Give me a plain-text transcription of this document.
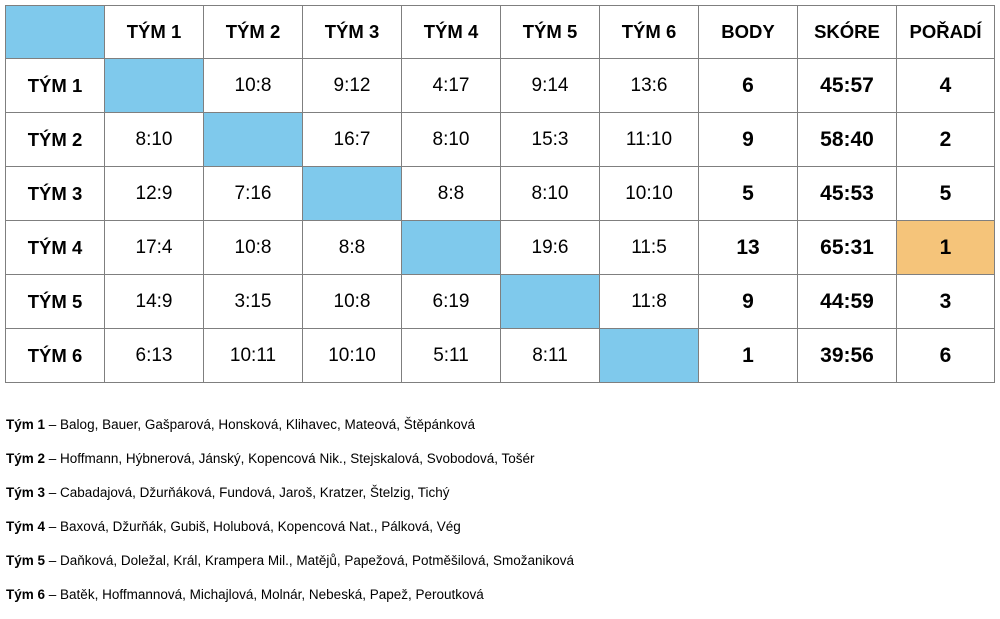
	TÝM 1	TÝM 2	TÝM 3	TÝM 4	TÝM 5	TÝM 6	BODY	SKÓRE	POŘADÍ
TÝM 1		10:8	9:12	4:17	9:14	13:6	6	45:57	4
TÝM 2	8:10		16:7	8:10	15:3	11:10	9	58:40	2
TÝM 3	12:9	7:16		8:8	8:10	10:10	5	45:53	5
TÝM 4	17:4	10:8	8:8		19:6	11:5	13	65:31	1
TÝM 5	14:9	3:15	10:8	6:19		11:8	9	44:59	3
TÝM 6	6:13	10:11	10:10	5:11	8:11		1	39:56	6
Tým 1 – Balog, Bauer, Gašparová, Honsková, Klihavec, Mateová, Štěpánková
Tým 2 – Hoffmann, Hýbnerová, Jánský, Kopencová Nik., Stejskalová, Svobodová, Tošér
Tým 3 – Cabadajová, Džurňáková, Fundová, Jaroš, Kratzer, Štelzig, Tichý
Tým 4 – Baxová, Džurňák, Gubiš, Holubová, Kopencová Nat., Pálková, Vég
Tým 5 – Daňková, Doležal, Král, Krampera Mil., Matějů, Papežová, Potměšilová, Smožaniková
Tým 6 – Batěk, Hoffmannová, Michajlová, Molnár, Nebeská, Papež, Peroutková
